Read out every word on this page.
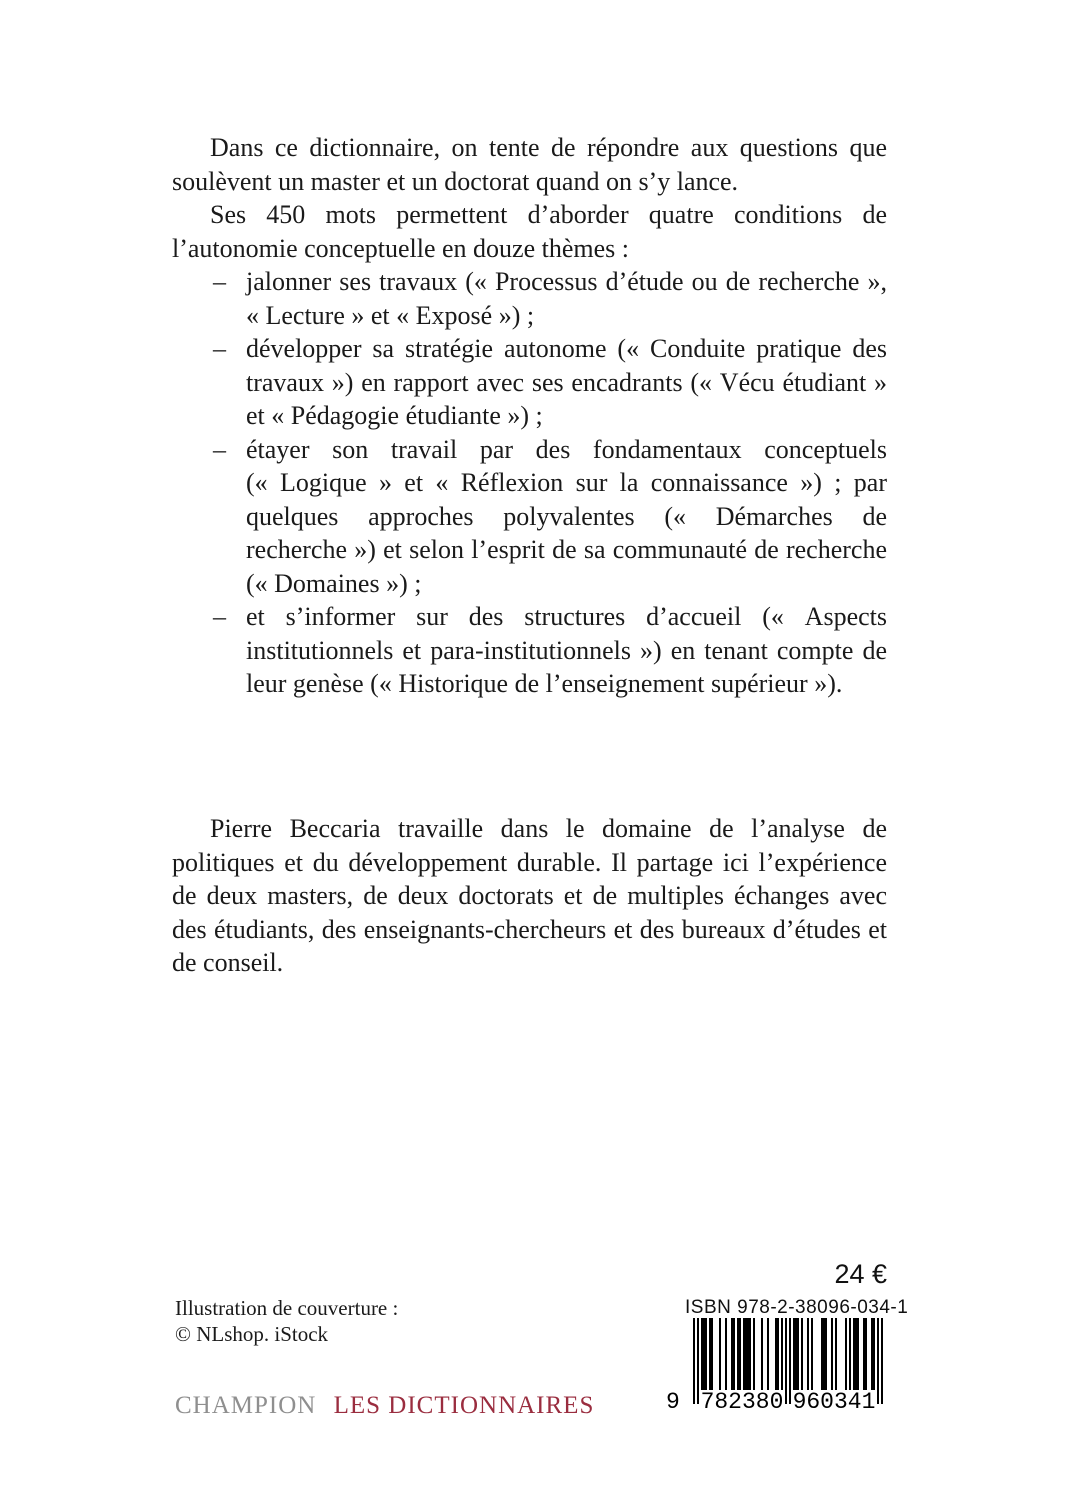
Dans ce dictionnaire, on tente de répondre aux questions que soulèvent un master et un doctorat quand on s’y lance.

Ses 450 mots permettent d’aborder quatre conditions de l’autonomie conceptuelle en douze thèmes :

– jalonner ses travaux (« Processus d’étude ou de recherche », « Lecture » et « Exposé ») ;
– développer sa stratégie autonome (« Conduite pratique des travaux ») en rapport avec ses encadrants (« Vécu étudiant » et « Pédagogie étudiante ») ;
– étayer son travail par des fondamentaux conceptuels (« Logique » et « Réflexion sur la connaissance ») ; par quelques approches polyvalentes (« Démarches de recherche ») et selon l’esprit de sa communauté de recherche (« Domaines ») ;
– et s’informer sur des structures d’accueil (« Aspects institutionnels et para-institutionnels ») en tenant compte de leur genèse (« Historique de l’enseignement supérieur »).

Pierre Beccaria travaille dans le domaine de l’analyse de politiques et du développement durable. Il partage ici l’expérience de deux masters, de deux doctorats et de multiples échanges avec des étudiants, des enseignants-chercheurs et des bureaux d’études et de conseil.

24 €
ISBN 978-2-38096-034-1
9 782380 960341
Illustration de couverture :
© NLshop. iStock
CHAMPION LES DICTIONNAIRES
